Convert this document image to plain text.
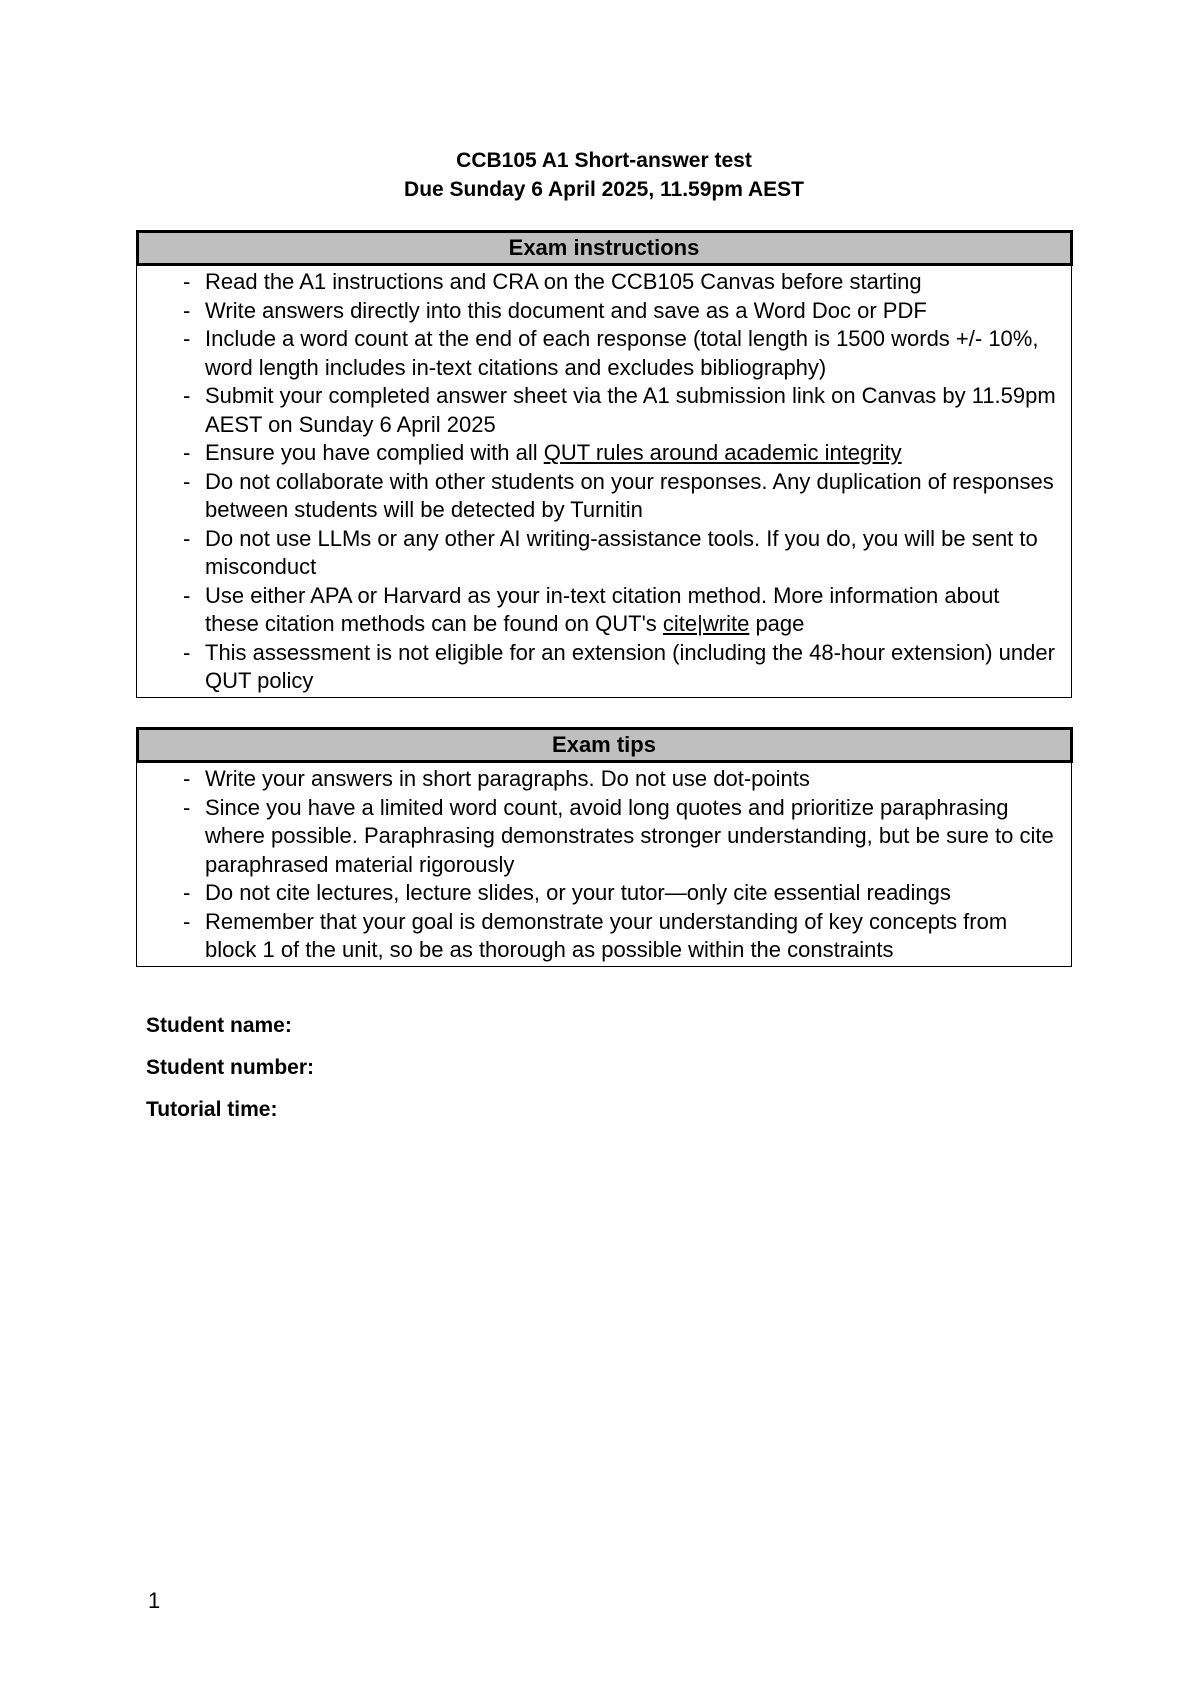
CCB105 A1 Short-answer test
Due Sunday 6 April 2025, 11.59pm AEST
Exam instructions
- Read the A1 instructions and CRA on the CCB105 Canvas before starting
- Write answers directly into this document and save as a Word Doc or PDF
- Include a word count at the end of each response (total length is 1500 words +/- 10%, word length includes in-text citations and excludes bibliography)
- Submit your completed answer sheet via the A1 submission link on Canvas by 11.59pm AEST on Sunday 6 April 2025
- Ensure you have complied with all QUT rules around academic integrity
- Do not collaborate with other students on your responses. Any duplication of responses between students will be detected by Turnitin
- Do not use LLMs or any other AI writing-assistance tools. If you do, you will be sent to misconduct
- Use either APA or Harvard as your in-text citation method. More information about these citation methods can be found on QUT's cite|write page
- This assessment is not eligible for an extension (including the 48-hour extension) under QUT policy
Exam tips
- Write your answers in short paragraphs. Do not use dot-points
- Since you have a limited word count, avoid long quotes and prioritize paraphrasing where possible. Paraphrasing demonstrates stronger understanding, but be sure to cite paraphrased material rigorously
- Do not cite lectures, lecture slides, or your tutor—only cite essential readings
- Remember that your goal is demonstrate your understanding of key concepts from block 1 of the unit, so be as thorough as possible within the constraints
Student name:
Student number:
Tutorial time:
1
